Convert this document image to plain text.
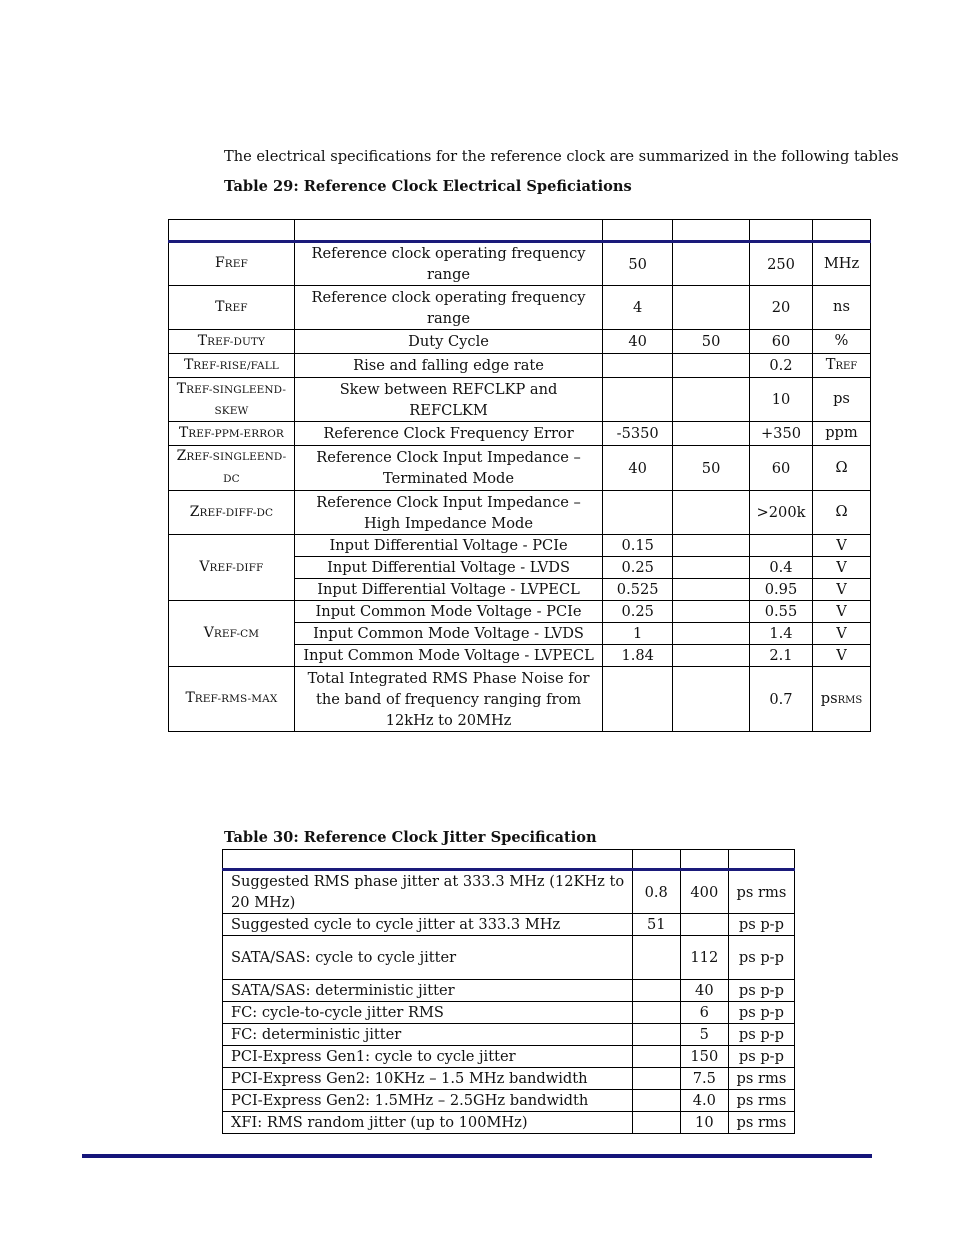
The electrical specifications for the reference clock are summarized in the following tables
Table 29: Reference Clock Electrical Speficiations

FREF	Reference clock operating frequency range	50		250	MHz
TREF	Reference clock operating frequency range	4		20	ns
TREF-DUTY	Duty Cycle	40	50	60	%
TREF-RISE/FALL	Rise and falling edge rate			0.2	TREF
TREF-SINGLEEND-SKEW	Skew between REFCLKP and REFCLKM			10	ps
TREF-PPM-ERROR	Reference Clock Frequency Error	-5350		+350	ppm
ZREF-SINGLEEND-DC	Reference Clock Input Impedance – Terminated Mode	40	50	60	Ω
ZREF-DIFF-DC	Reference Clock Input Impedance – High Impedance Mode			>200k	Ω
VREF-DIFF	Input Differential Voltage - PCIe	0.15			V
	Input Differential Voltage - LVDS	0.25		0.4	V
	Input Differential Voltage - LVPECL	0.525		0.95	V
VREF-CM	Input Common Mode Voltage - PCIe	0.25		0.55	V
	Input Common Mode Voltage - LVDS	1		1.4	V
	Input Common Mode Voltage - LVPECL	1.84		2.1	V
TREF-RMS-MAX	Total Integrated RMS Phase Noise for the band of frequency ranging from 12kHz to 20MHz			0.7	psRMS
Table 30: Reference Clock Jitter Specification

Suggested RMS phase jitter at 333.3 MHz (12KHz to 20 MHz)	0.8	400	ps rms
Suggested cycle to cycle jitter at 333.3 MHz	51		ps p-p
SATA/SAS: cycle to cycle jitter		112	ps p-p
SATA/SAS: deterministic jitter		40	ps p-p
FC: cycle-to-cycle jitter RMS		6	ps p-p
FC: deterministic jitter		5	ps p-p
PCI-Express Gen1: cycle to cycle jitter		150	ps p-p
PCI-Express Gen2: 10KHz – 1.5 MHz bandwidth		7.5	ps rms
PCI-Express Gen2: 1.5MHz – 2.5GHz bandwidth		4.0	ps rms
XFI: RMS random jitter (up to 100MHz)		10	ps rms
